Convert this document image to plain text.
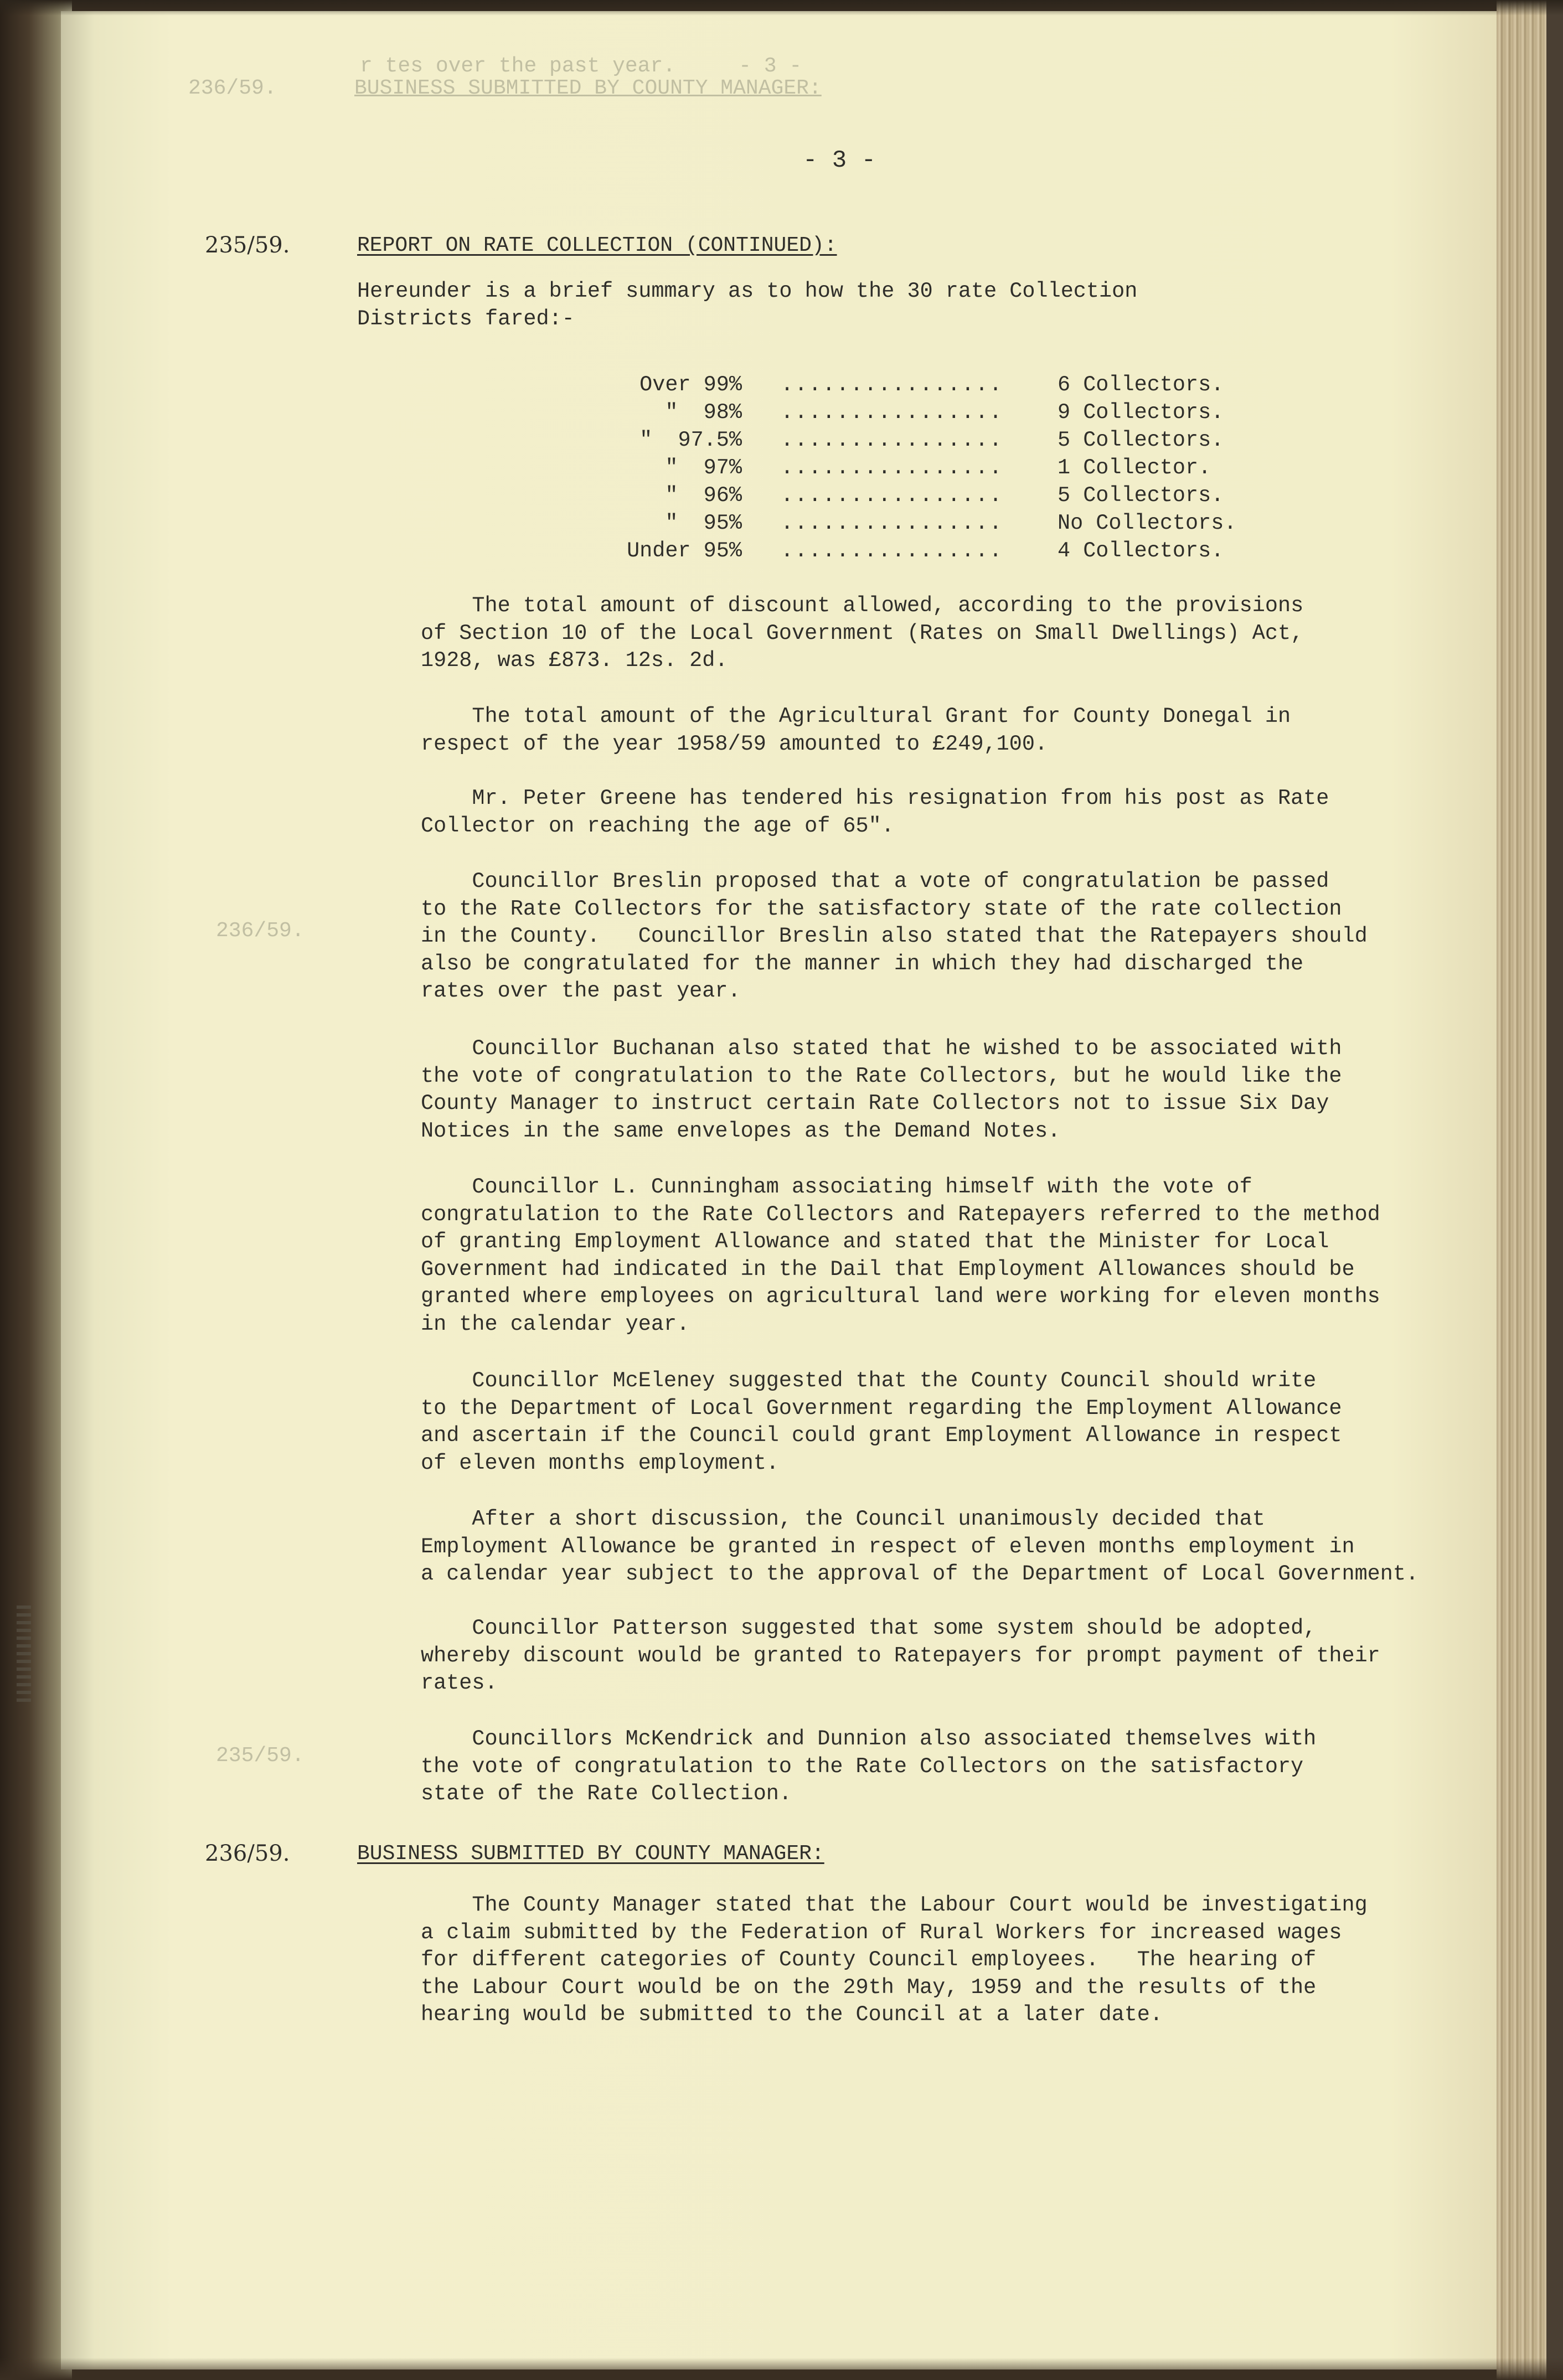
236/59.	BUSINESS SUBMITTED BY COUNTY MANAGER:
r tes over the past year.     - 3 -
236/59.
235/59.
- 3 -
235/59.	REPORT ON RATE COLLECTION (CONTINUED):
Hereunder is a brief summary as to how the 30 rate Collection
Districts fared:-
Over 99% ................	6 Collectors.
"  98% ................	9 Collectors.
"  97.5% ................	5 Collectors.
"  97% ................	1 Collector.
"  96% ................	5 Collectors.
"  95% ................	No Collectors.
Under 95% ................	4 Collectors.
The total amount of discount allowed, according to the provisions
of Section 10 of the Local Government (Rates on Small Dwellings) Act,
1928, was £873. 12s. 2d.
The total amount of the Agricultural Grant for County Donegal in
respect of the year 1958/59 amounted to £249,100.
Mr. Peter Greene has tendered his resignation from his post as Rate
Collector on reaching the age of 65".
Councillor Breslin proposed that a vote of congratulation be passed
to the Rate Collectors for the satisfactory state of the rate collection
in the County.   Councillor Breslin also stated that the Ratepayers should
also be congratulated for the manner in which they had discharged the
rates over the past year.
Councillor Buchanan also stated that he wished to be associated with
the vote of congratulation to the Rate Collectors, but he would like the
County Manager to instruct certain Rate Collectors not to issue Six Day
Notices in the same envelopes as the Demand Notes.
Councillor L. Cunningham associating himself with the vote of
congratulation to the Rate Collectors and Ratepayers referred to the method
of granting Employment Allowance and stated that the Minister for Local
Government had indicated in the Dail that Employment Allowances should be
granted where employees on agricultural land were working for eleven months
in the calendar year.
Councillor McEleney suggested that the County Council should write
to the Department of Local Government regarding the Employment Allowance
and ascertain if the Council could grant Employment Allowance in respect
of eleven months employment.
After a short discussion, the Council unanimously decided that
Employment Allowance be granted in respect of eleven months employment in
a calendar year subject to the approval of the Department of Local Government.
Councillor Patterson suggested that some system should be adopted,
whereby discount would be granted to Ratepayers for prompt payment of their
rates.
Councillors McKendrick and Dunnion also associated themselves with
the vote of congratulation to the Rate Collectors on the satisfactory
state of the Rate Collection.
236/59.	BUSINESS SUBMITTED BY COUNTY MANAGER:
The County Manager stated that the Labour Court would be investigating
a claim submitted by the Federation of Rural Workers for increased wages
for different categories of County Council employees.   The hearing of
the Labour Court would be on the 29th May, 1959 and the results of the
hearing would be submitted to the Council at a later date.
